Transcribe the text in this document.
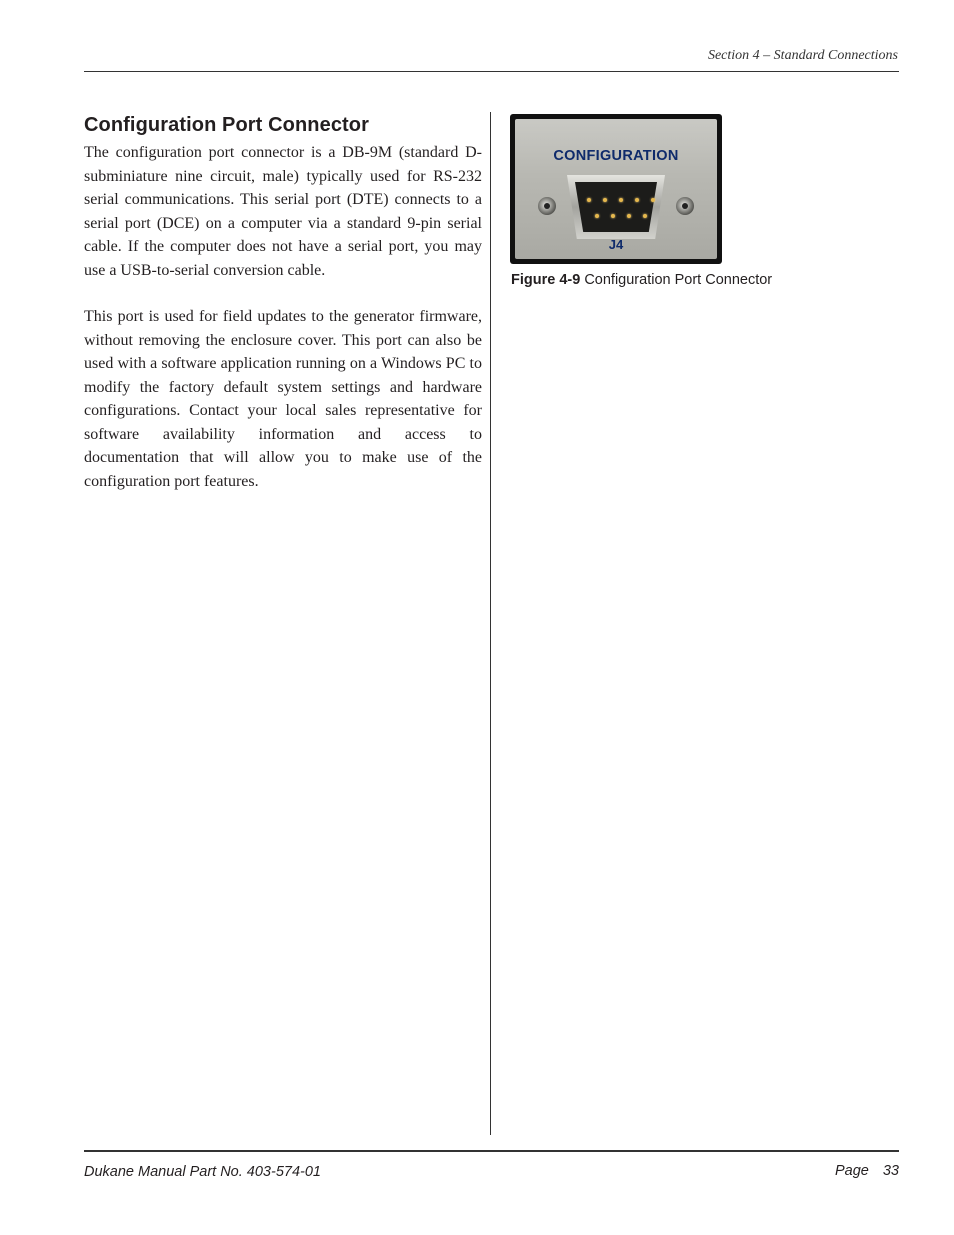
Section 4 – Standard Connections
Configuration Port Connector

The configuration port connector is a DB-9M (standard D-subminiature nine circuit, male) typically used for RS-232 serial communications. This serial port (DTE) connects to a serial port (DCE) on a computer via a standard 9-pin serial cable. If the computer does not have a serial port, you may use a USB-to-serial conversion cable.

This port is used for field updates to the generator firmware, without removing the enclosure cover. This port can also be used with a software application running on a Windows PC to modify the factory default system settings and hardware configurations. Contact your local sales representative for software availability information and access to documentation that will allow you to make use of the configuration port features.

CONFIGURATION
J4
Figure 4-9 Configuration Port Connector
Dukane Manual Part No. 403-574-01	Page 33
